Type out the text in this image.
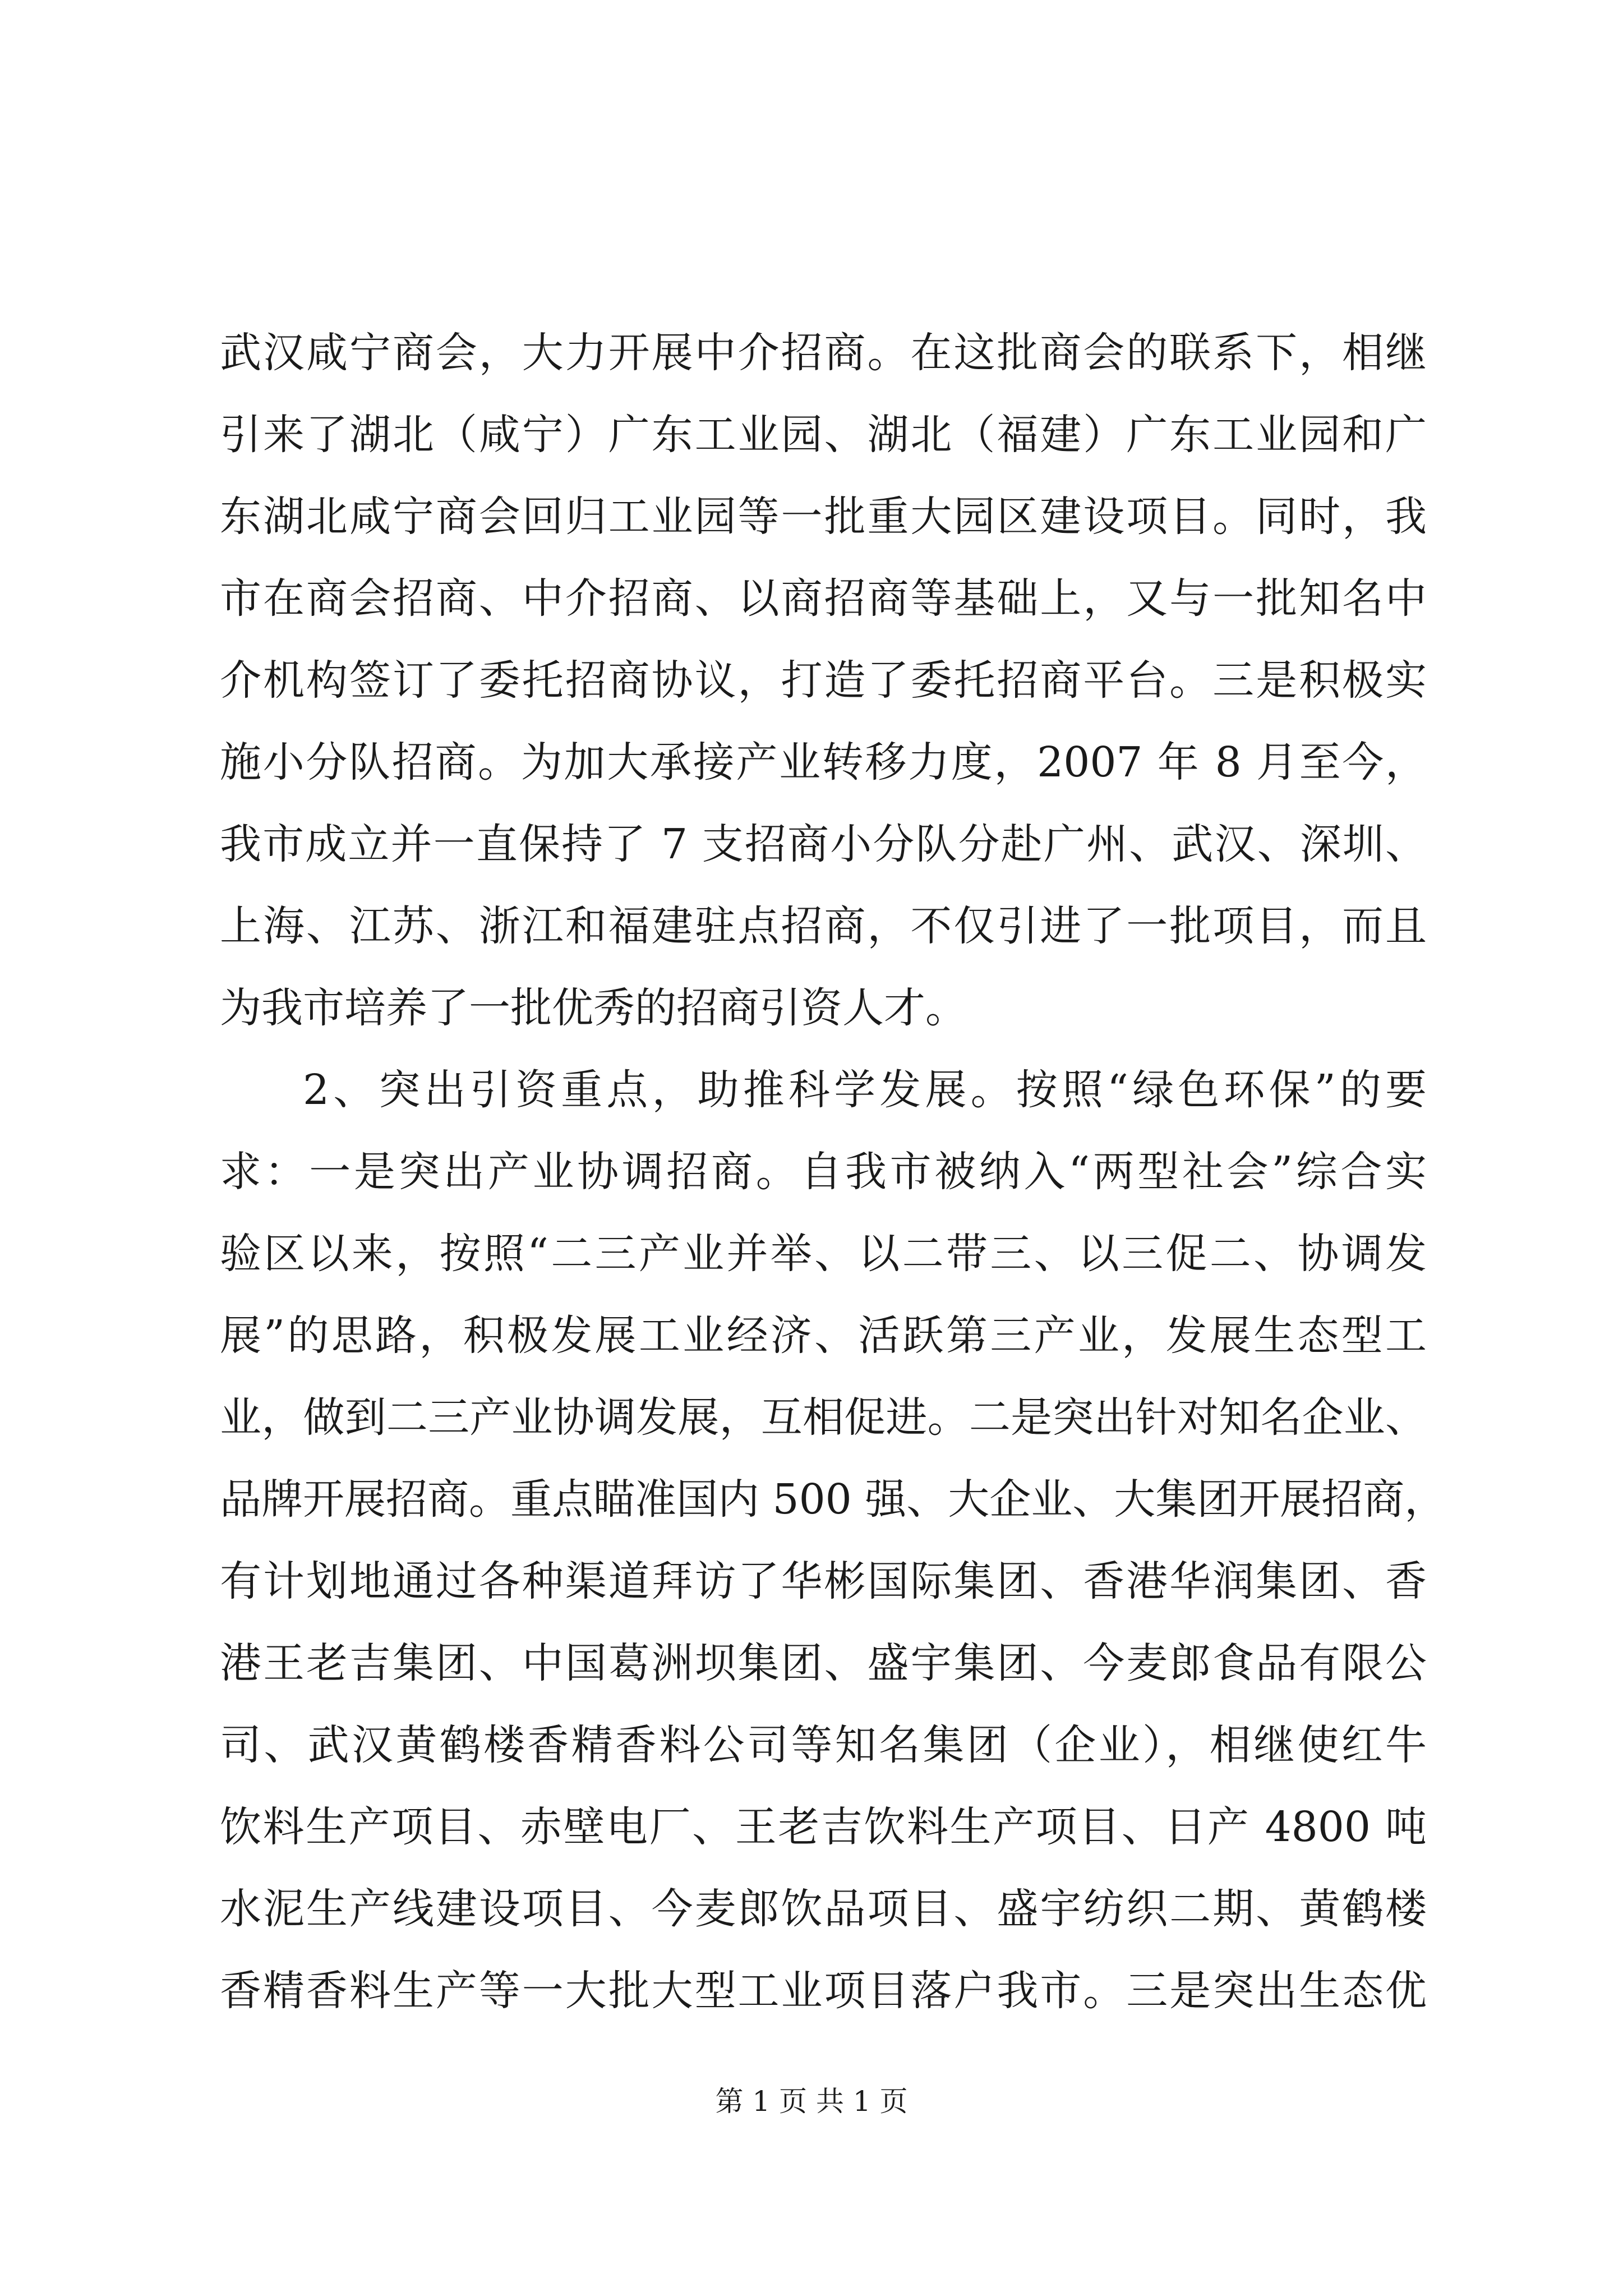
武汉咸宁商会，大力开展中介招商。在这批商会的联系下，相继
引来了湖北（咸宁）广东工业园、湖北（福建）广东工业园和广
东湖北咸宁商会回归工业园等一批重大园区建设项目。同时，我
市在商会招商、中介招商、以商招商等基础上，又与一批知名中
介机构签订了委托招商协议，打造了委托招商平台。三是积极实
施小分队招商。为加大承接产业转移力度，2007 年 8 月至今，
我市成立并一直保持了 7 支招商小分队分赴广州、武汉、深圳、
上海、江苏、浙江和福建驻点招商，不仅引进了一批项目，而且
为我市培养了一批优秀的招商引资人才。
2、突出引资重点，助推科学发展。按照“绿色环保”的要
求：一是突出产业协调招商。自我市被纳入“两型社会”综合实
验区以来，按照“二三产业并举、以二带三、以三促二、协调发
展”的思路，积极发展工业经济、活跃第三产业，发展生态型工
业，做到二三产业协调发展，互相促进。二是突出针对知名企业、
品牌开展招商。重点瞄准国内 500 强、大企业、大集团开展招商，
有计划地通过各种渠道拜访了华彬国际集团、香港华润集团、香
港王老吉集团、中国葛洲坝集团、盛宇集团、今麦郎食品有限公
司、武汉黄鹤楼香精香料公司等知名集团（企业），相继使红牛
饮料生产项目、赤壁电厂、王老吉饮料生产项目、日产 4800 吨
水泥生产线建设项目、今麦郎饮品项目、盛宇纺织二期、黄鹤楼
香精香料生产等一大批大型工业项目落户我市。三是突出生态优
第 1 页 共 1 页
